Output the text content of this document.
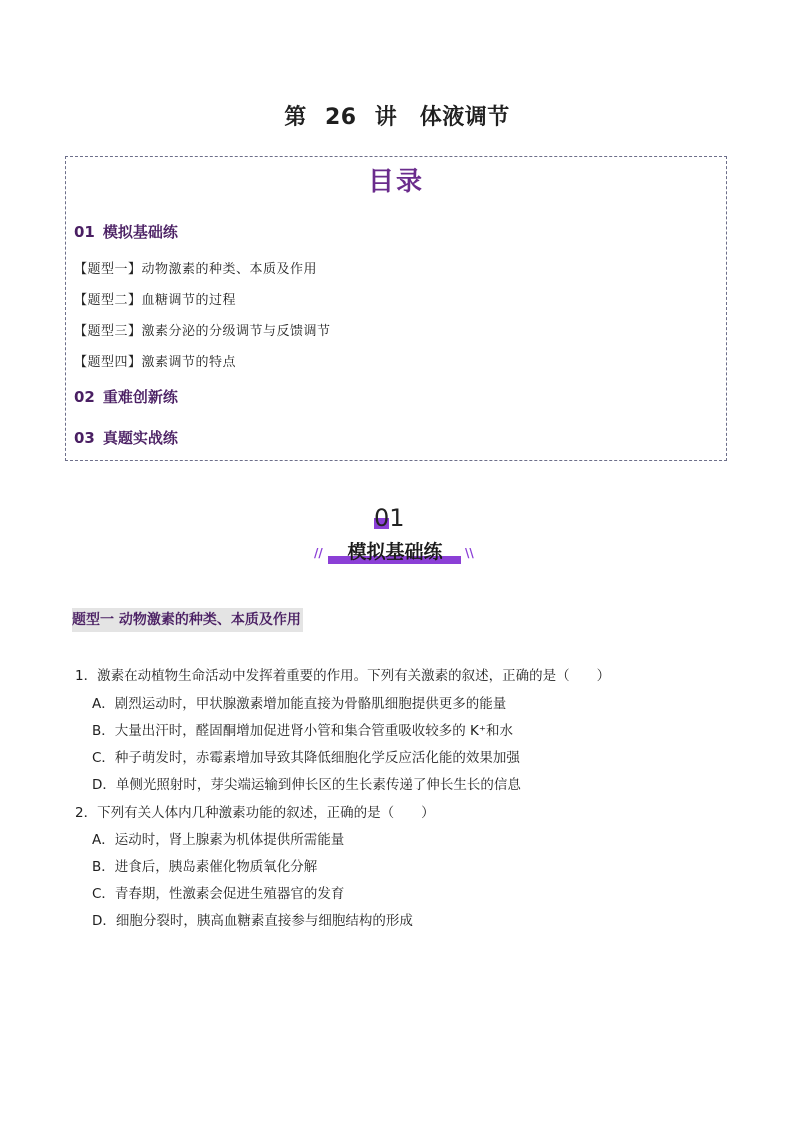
第 26 讲　体液调节
目录
01 模拟基础练
【题型一】动物激素的种类、本质及作用
【题型二】血糖调节的过程
【题型三】激素分泌的分级调节与反馈调节
【题型四】激素调节的特点
02 重难创新练
03 真题实战练
01
模拟基础练
//	\\
题型一 动物激素的种类、本质及作用
1．激素在动植物生命活动中发挥着重要的作用。下列有关激素的叙述，正确的是（　　）
A．剧烈运动时，甲状腺激素增加能直接为骨骼肌细胞提供更多的能量
B．大量出汗时，醛固酮增加促进肾小管和集合管重吸收较多的 K⁺和水
C．种子萌发时，赤霉素增加导致其降低细胞化学反应活化能的效果加强
D．单侧光照射时，芽尖端运输到伸长区的生长素传递了伸长生长的信息
2．下列有关人体内几种激素功能的叙述，正确的是（　　）
A．运动时，肾上腺素为机体提供所需能量
B．进食后，胰岛素催化物质氧化分解
C．青春期，性激素会促进生殖器官的发育
D．细胞分裂时，胰高血糖素直接参与细胞结构的形成
